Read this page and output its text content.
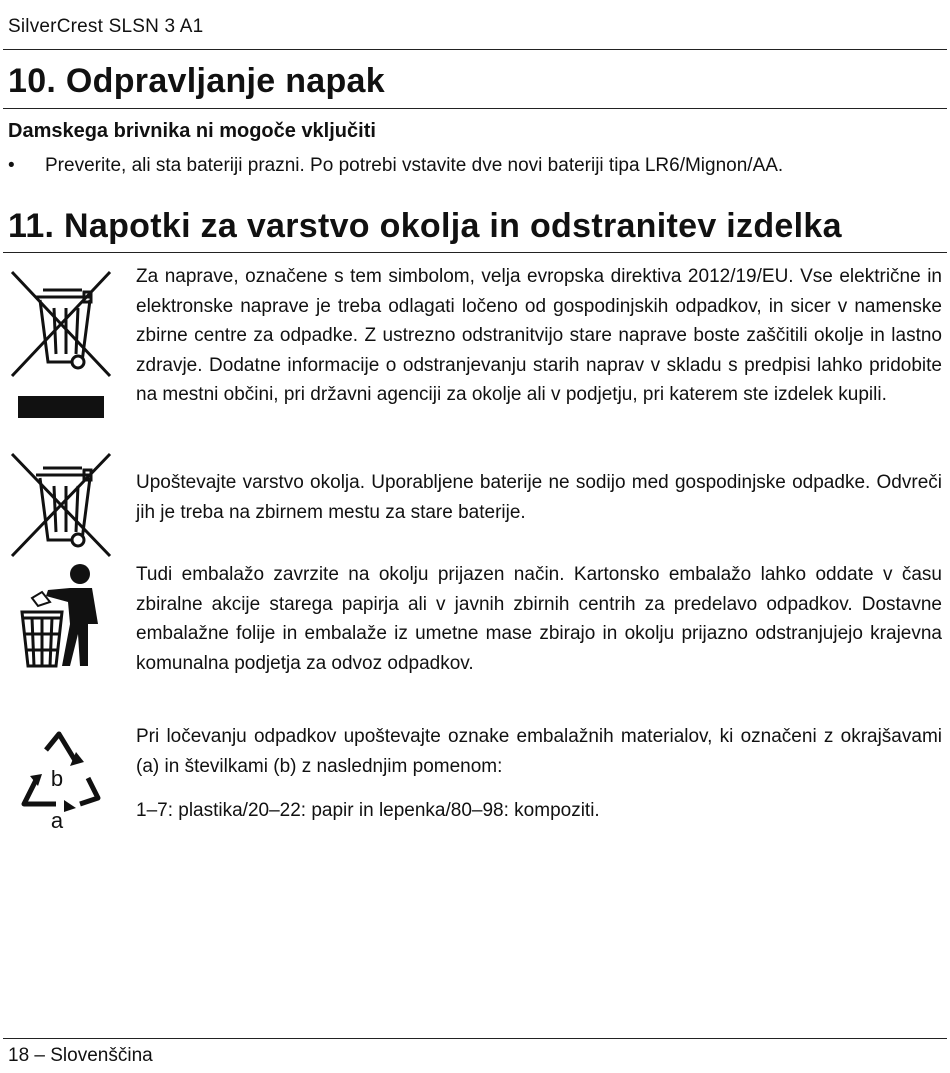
SilverCrest SLSN 3 A1
10. Odpravljanje napak
Damskega brivnika ni mogoče vključiti
•	Preverite, ali sta bateriji prazni. Po potrebi vstavite dve novi bateriji tipa LR6/Mignon/AA.
11. Napotki za varstvo okolja in odstranitev izdelka
Za naprave, označene s tem simbolom, velja evropska direktiva 2012/19/EU. Vse električne in elektronske naprave je treba odlagati ločeno od gospodinjskih odpadkov, in sicer v namenske zbirne centre za odpadke. Z ustrezno odstranitvijo stare naprave boste zaščitili okolje in lastno zdravje. Dodatne informacije o odstranjevanju starih naprav v skladu s predpisi lahko pridobite na mestni občini, pri državni agenciji za okolje ali v podjetju, pri katerem ste izdelek kupili.
Upoštevajte varstvo okolja. Uporabljene baterije ne sodijo med gospodinjske odpadke. Odvreči jih je treba na zbirnem mestu za stare baterije.
Tudi embalažo zavrzite na okolju prijazen način. Kartonsko embalažo lahko oddate v času zbiralne akcije starega papirja ali v javnih zbirnih centrih za predelavo odpadkov. Dostavne embalažne folije in embalaže iz umetne mase zbirajo in okolju prijazno odstranjujejo krajevna komunalna podjetja za odvoz odpadkov.
b
a
Pri ločevanju odpadkov upoštevajte oznake embalažnih materialov, ki označeni z okrajšavami (a) in številkami (b) z naslednjim pomenom:
1–7: plastika/20–22: papir in lepenka/80–98: kompoziti.
18 – Slovenščina
